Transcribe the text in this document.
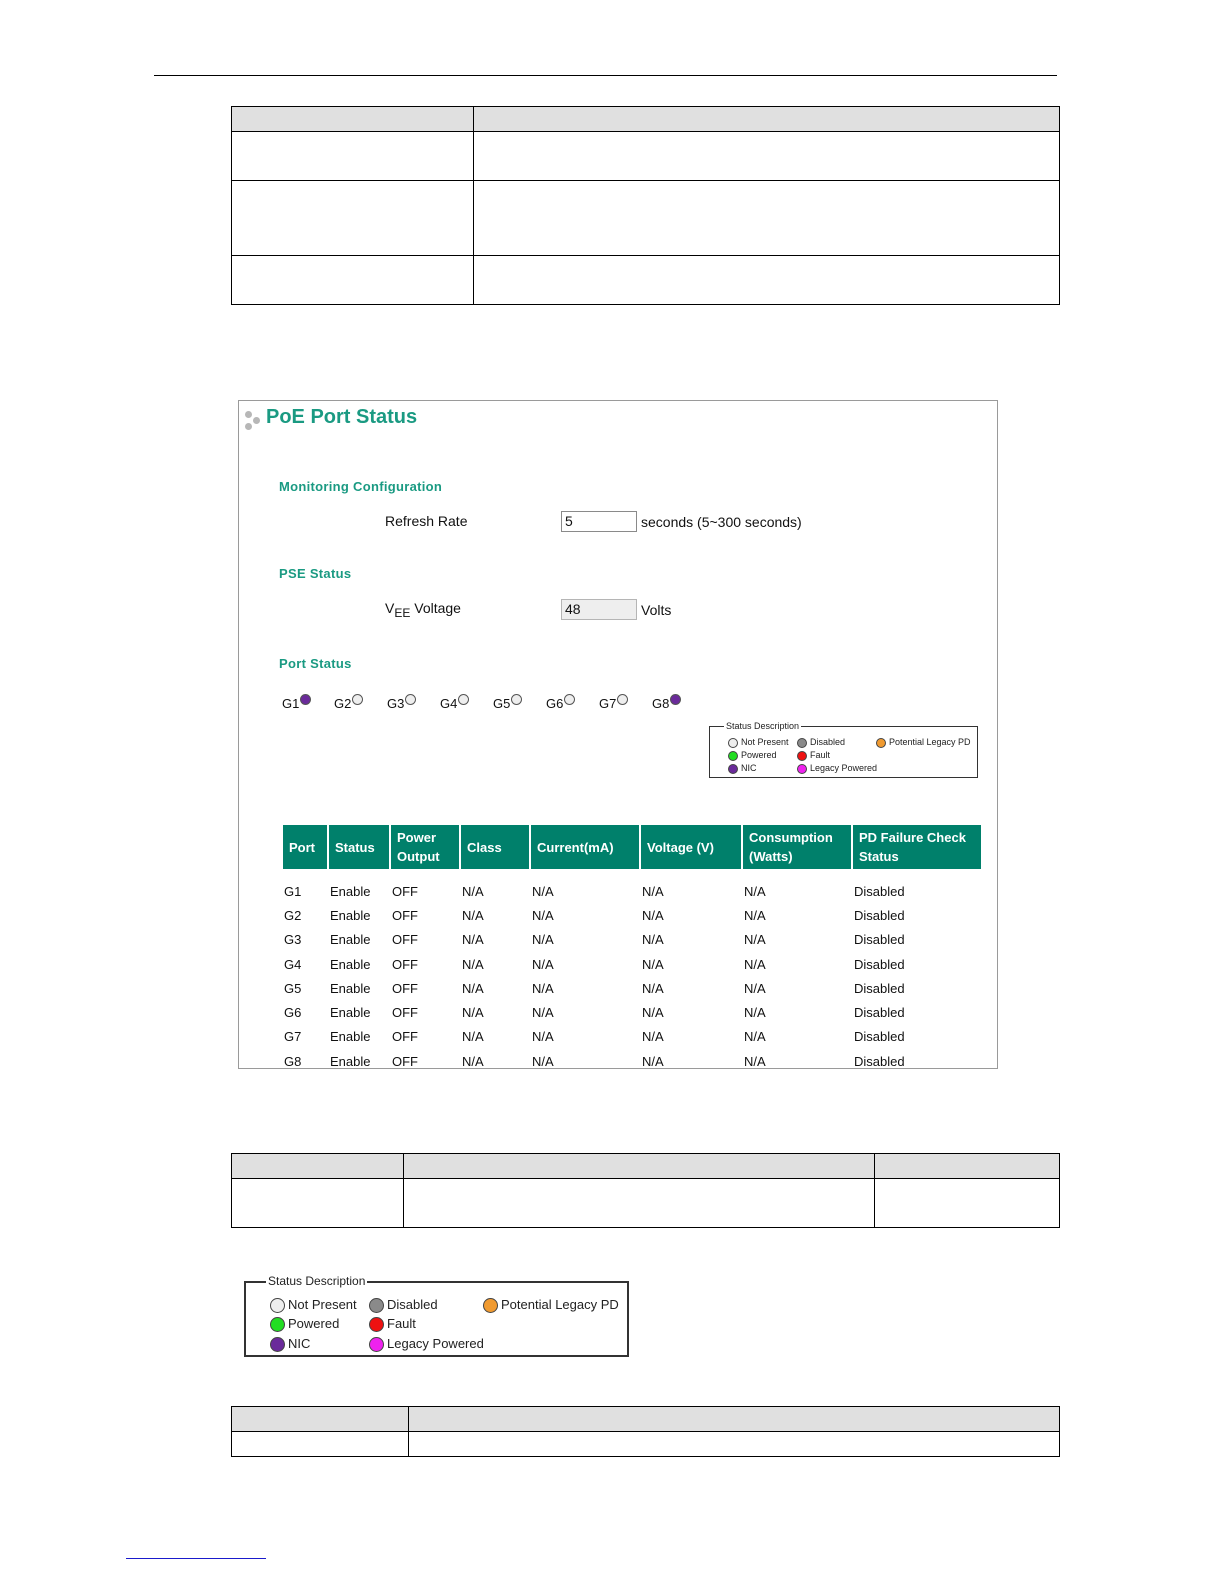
PoE Port Status
Monitoring Configuration
Refresh Rate	5	seconds (5~300 seconds)
PSE Status
$V_{EE}$ Voltage	48	Volts
Port Status
G1	G2	G3	G4	G5	G6	G7	G8
Status Description
Not Present
Powered
NIC
Disabled
Fault
Legacy Powered
Potential Legacy PD
Port	Status	Power Output	Class	Current(mA)	Voltage (V)	Consumption (Watts)	PD Failure Check Status

G1	Enable	OFF	N/A	N/A	N/A	N/A	Disabled
G2	Enable	OFF	N/A	N/A	N/A	N/A	Disabled
G3	Enable	OFF	N/A	N/A	N/A	N/A	Disabled
G4	Enable	OFF	N/A	N/A	N/A	N/A	Disabled
G5	Enable	OFF	N/A	N/A	N/A	N/A	Disabled
G6	Enable	OFF	N/A	N/A	N/A	N/A	Disabled
G7	Enable	OFF	N/A	N/A	N/A	N/A	Disabled
G8	Enable	OFF	N/A	N/A	N/A	N/A	Disabled

Status Description
Not Present
Powered
NIC
Disabled
Fault
Legacy Powered
Potential Legacy PD
